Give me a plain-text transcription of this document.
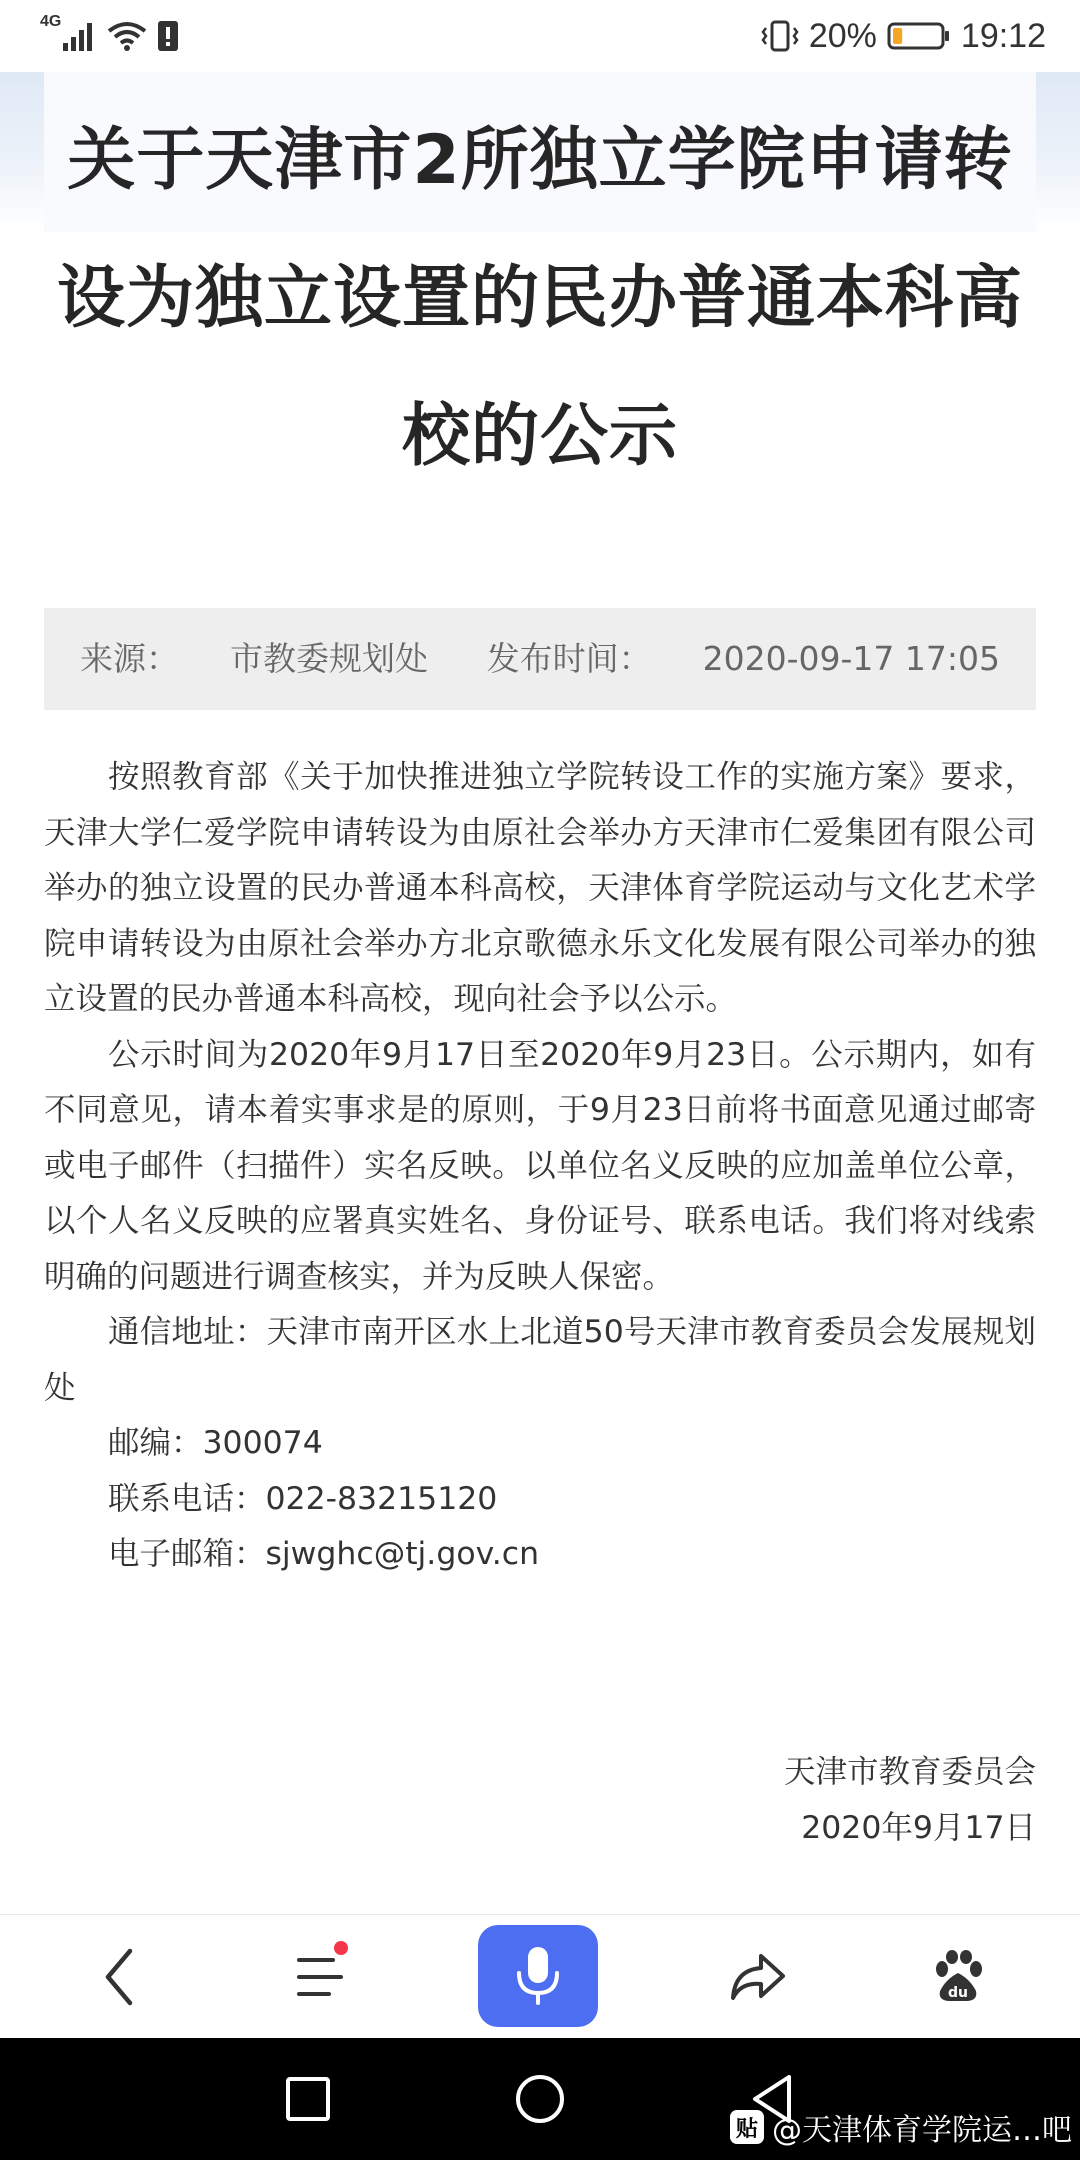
4G	20% 19:12
关于天津市2所独立学院申请转设为独立设置的民办普通本科高校的公示
来源： 市教委规划处 发布时间： 2020-09-17 17:05

按照教育部《关于加快推进独立学院转设工作的实施方案》要求，天津大学仁爱学院申请转设为由原社会举办方天津市仁爱集团有限公司举办的独立设置的民办普通本科高校，天津体育学院运动与文化艺术学院申请转设为由原社会举办方北京歌德永乐文化发展有限公司举办的独立设置的民办普通本科高校，现向社会予以公示。

公示时间为2020年9月17日至2020年9月23日。公示期内，如有不同意见，请本着实事求是的原则，于9月23日前将书面意见通过邮寄或电子邮件（扫描件）实名反映。以单位名义反映的应加盖单位公章，以个人名义反映的应署真实姓名、身份证号、联系电话。我们将对线索明确的问题进行调查核实，并为反映人保密。

通信地址：天津市南开区水上北道50号天津市教育委员会发展规划处

邮编：300074

联系电话：022-83215120

电子邮箱：sjwghc@tj.gov.cn

天津市教育委员会
2020年9月17日
du
贴 @天津体育学院运…吧
